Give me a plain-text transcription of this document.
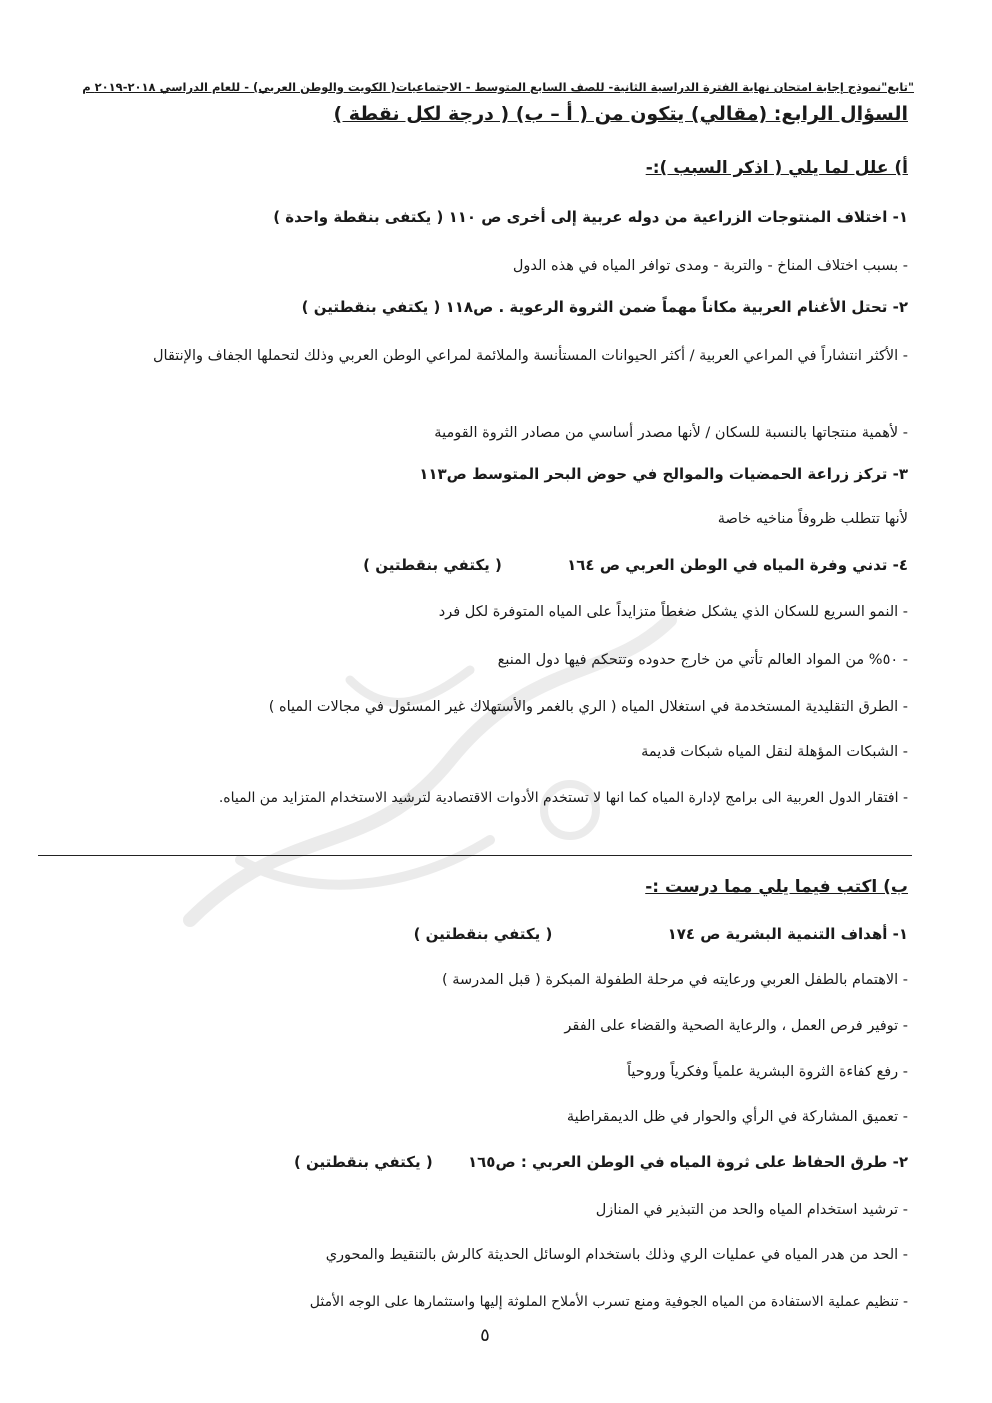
"تابع"نموذج إجابة امتحان نهاية الفترة الدراسية الثانية- للصف السابع المتوسط - الاجتماعيات( الكويت والوطن العربي) - للعام الدراسي ٢٠١٨-٢٠١٩ م
السؤال الرابع: (مقالي) يتكون من ( أ – ب) ( درجة لكل نقطة )
أ) علل لما يلي ( اذكر السبب ):-
١- اختلاف المنتوجات الزراعية من دوله عربية إلى أخرى ص ١١٠ ( يكتفى بنقطة واحدة )
- بسبب اختلاف المناخ - والتربة - ومدى توافر المياه في هذه الدول
٢- تحتل الأغنام العربية مكاناً مهماً ضمن الثروة الرعوية . ص١١٨ ( يكتفي بنقطتين )
- الأكثر انتشاراً في المراعي العربية / أكثر الحيوانات المستأنسة والملائمة لمراعي الوطن العربي وذلك لتحملها الجفاف والإنتقال
- لأهمية منتجاتها بالنسبة للسكان / لأنها مصدر أساسي من مصادر الثروة القومية
٣- تركز زراعة الحمضيات والموالح في حوض البحر المتوسط ص١١٣
لأنها تتطلب ظروفاً مناخيه خاصة
٤- تدني وفرة المياه في الوطن العربي ص ١٦٤ ( يكتفي بنقطتين )
- النمو السريع للسكان الذي يشكل ضغطاً متزايداً على المياه المتوفرة لكل فرد
- ٥٠% من المواد العالم تأتي من خارج حدوده وتتحكم فيها دول المنبع
- الطرق التقليدية المستخدمة في استغلال المياه ( الري بالغمر والأستهلاك غير المسئول في مجالات المياه )
- الشبكات المؤهلة لنقل المياه شبكات قديمة
- افتقار الدول العربية الى برامج لإدارة المياه كما انها لا تستخدم الأدوات الاقتصادية لترشيد الاستخدام المتزايد من المياه.
ب) اكتب فيما يلي مما درست :-
١- أهداف التنمية البشرية ص ١٧٤ ( يكتفي بنقطتين )
- الاهتمام بالطفل العربي ورعايته في مرحلة الطفولة المبكرة ( قبل المدرسة )
- توفير فرص العمل ، والرعاية الصحية والقضاء على الفقر
- رفع كفاءة الثروة البشرية علمياً وفكرياً وروحياً
- تعميق المشاركة في الرأي والحوار في ظل الديمقراطية
٢- طرق الحفاظ على ثروة المياه في الوطن العربي : ص١٦٥ ( يكتفي بنقطتين )
- ترشيد استخدام المياه والحد من التبذير في المنازل
- الحد من هدر المياه في عمليات الري وذلك باستخدام الوسائل الحديثة كالرش بالتنقيط والمحوري
- تنظيم عملية الاستفادة من المياه الجوفية ومنع تسرب الأملاح الملوثة إليها واستثمارها على الوجه الأمثل
٥
